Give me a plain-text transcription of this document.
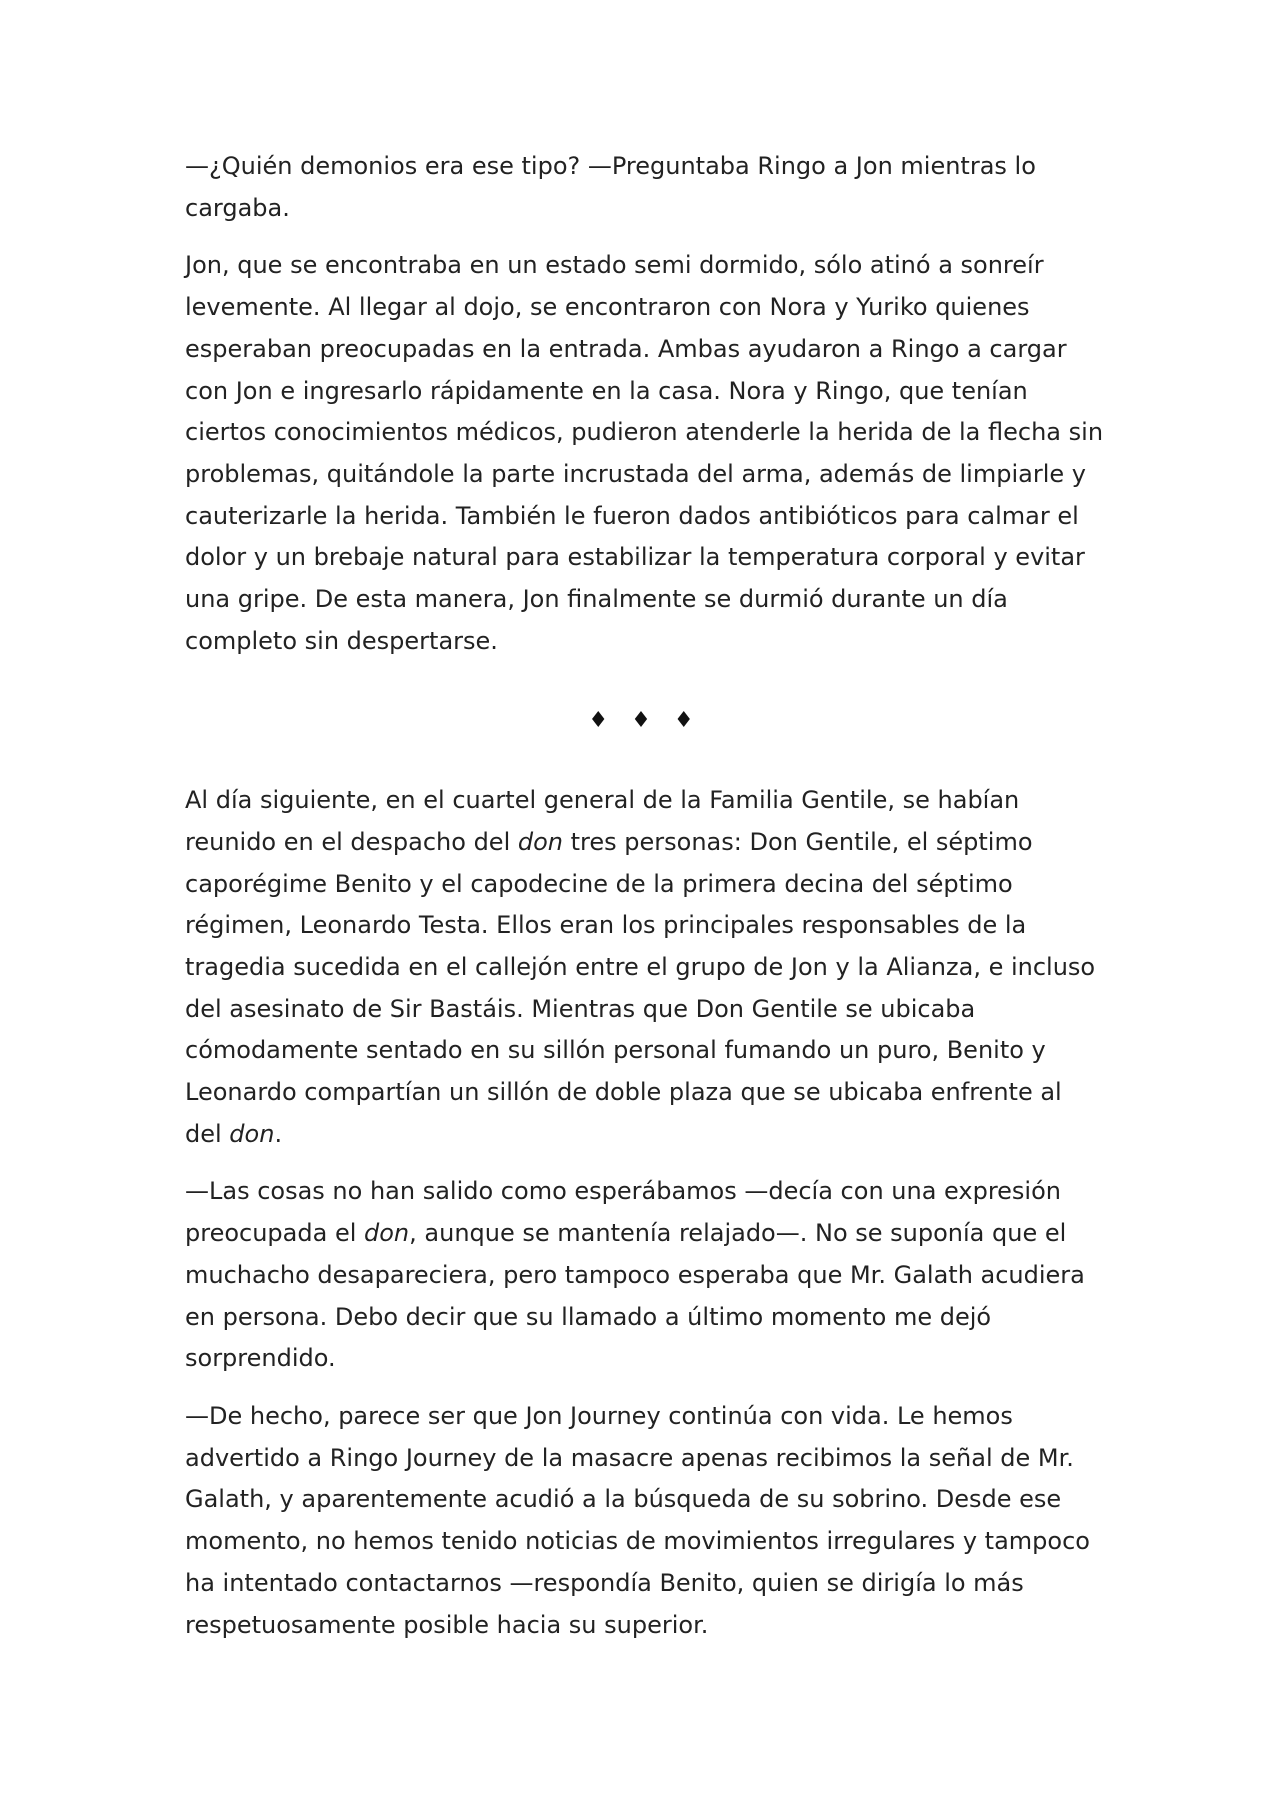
—¿Quién demonios era ese tipo? —Preguntaba Ringo a Jon mientras lo cargaba.

Jon, que se encontraba en un estado semi dormido, sólo atinó a sonreír levemente. Al llegar al dojo, se encontraron con Nora y Yuriko quienes esperaban preocupadas en la entrada. Ambas ayudaron a Ringo a cargar con Jon e ingresarlo rápidamente en la casa. Nora y Ringo, que tenían ciertos conocimientos médicos, pudieron atenderle la herida de la flecha sin problemas, quitándole la parte incrustada del arma, además de limpiarle y cauterizarle la herida. También le fueron dados antibióticos para calmar el dolor y un brebaje natural para estabilizar la temperatura corporal y evitar una gripe. De esta manera, Jon finalmente se durmió durante un día completo sin despertarse.

♦ ♦ ♦

Al día siguiente, en el cuartel general de la Familia Gentile, se habían reunido en el despacho del don tres personas: Don Gentile, el séptimo caporégime Benito y el capodecine de la primera decina del séptimo régimen, Leonardo Testa. Ellos eran los principales responsables de la tragedia sucedida en el callejón entre el grupo de Jon y la Alianza, e incluso del asesinato de Sir Bastáis. Mientras que Don Gentile se ubicaba cómodamente sentado en su sillón personal fumando un puro, Benito y Leonardo compartían un sillón de doble plaza que se ubicaba enfrente al del don.

—Las cosas no han salido como esperábamos —decía con una expresión preocupada el don, aunque se mantenía relajado—. No se suponía que el muchacho desapareciera, pero tampoco esperaba que Mr. Galath acudiera en persona. Debo decir que su llamado a último momento me dejó sorprendido.

—De hecho, parece ser que Jon Journey continúa con vida. Le hemos advertido a Ringo Journey de la masacre apenas recibimos la señal de Mr. Galath, y aparentemente acudió a la búsqueda de su sobrino. Desde ese momento, no hemos tenido noticias de movimientos irregulares y tampoco ha intentado contactarnos —respondía Benito, quien se dirigía lo más respetuosamente posible hacia su superior.
